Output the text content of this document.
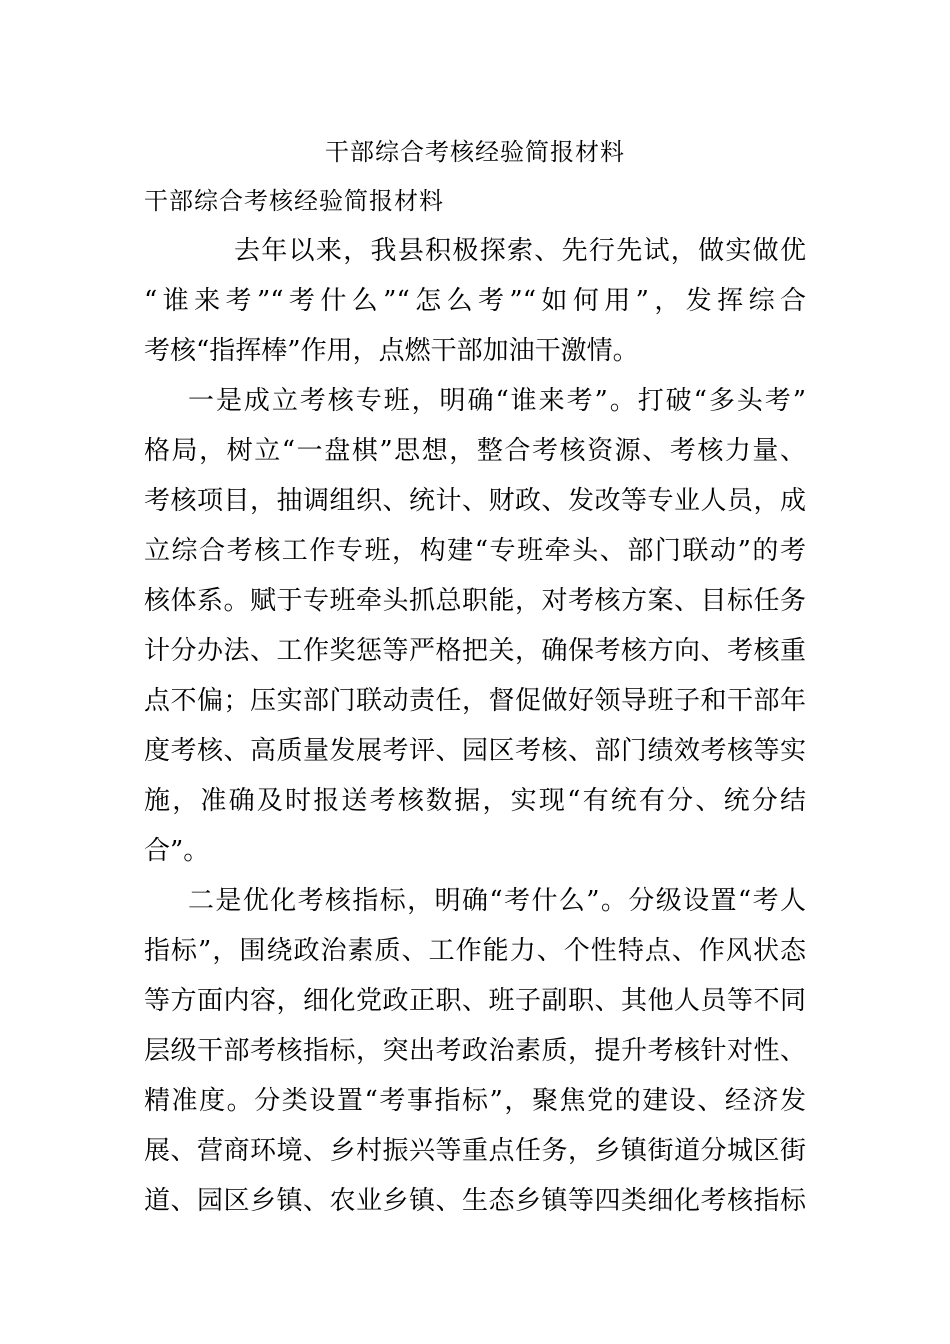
干部综合考核经验简报材料
干部综合考核经验简报材料
去年以来，我县积极探索、先行先试，做实做优
“谁来考”“考什么”“怎么考”“如何用”，发挥综合
考核“指挥棒”作用，点燃干部加油干激情。
一是成立考核专班，明确“谁来考”。打破“多头考”
格局，树立“一盘棋”思想，整合考核资源、考核力量、
考核项目，抽调组织、统计、财政、发改等专业人员，成
立综合考核工作专班，构建“专班牵头、部门联动”的考
核体系。赋于专班牵头抓总职能，对考核方案、目标任务
计分办法、工作奖惩等严格把关，确保考核方向、考核重
点不偏；压实部门联动责任，督促做好领导班子和干部年
度考核、高质量发展考评、园区考核、部门绩效考核等实
施，准确及时报送考核数据，实现“有统有分、统分结
合”。
二是优化考核指标，明确“考什么”。分级设置“考人
指标”，围绕政治素质、工作能力、个性特点、作风状态
等方面内容，细化党政正职、班子副职、其他人员等不同
层级干部考核指标，突出考政治素质，提升考核针对性、
精准度。分类设置“考事指标”，聚焦党的建设、经济发
展、营商环境、乡村振兴等重点任务，乡镇街道分城区街
道、园区乡镇、农业乡镇、生态乡镇等四类细化考核指标
